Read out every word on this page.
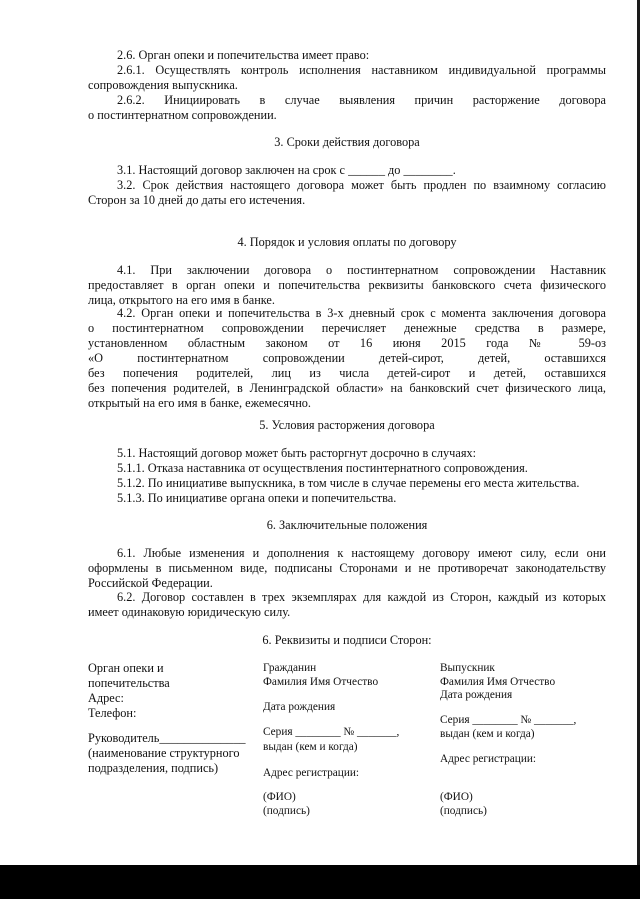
2.6. Орган опеки и попечительства имеет право:
2.6.1. Осуществлять контроль исполнения наставником индивидуальной программы
сопровождения выпускника.
2.6.2. Инициировать в случае выявления причин расторжение договора
о постинтернатном сопровождении.
3. Сроки действия договора
3.1. Настоящий договор заключен на срок с ______ до ________.
3.2. Срок действия настоящего договора может быть продлен по взаимному согласию
Сторон за 10 дней до даты его истечения.
4. Порядок и условия оплаты по договору
4.1. При заключении договора о постинтернатном сопровождении Наставник
предоставляет в орган опеки и попечительства реквизиты банковского счета физического
лица, открытого на его имя в банке.
4.2. Орган опеки и попечительства в 3-х дневный срок с момента заключения договора
о постинтернатном сопровождении перечисляет денежные средства в размере,
установленном областным законом от 16 июня 2015 года № 59-оз
«О постинтернатном сопровождении детей-сирот, детей, оставшихся
без попечения родителей, лиц из числа детей-сирот и детей, оставшихся
без попечения родителей, в Ленинградской области» на банковский счет физического лица,
открытый на его имя в банке, ежемесячно.
5. Условия расторжения договора
5.1. Настоящий договор может быть расторгнут досрочно в случаях:
5.1.1. Отказа наставника от осуществления постинтернатного сопровождения.
5.1.2. По инициативе выпускника, в том числе в случае перемены его места жительства.
5.1.3. По инициативе органа опеки и попечительства.
6. Заключительные положения
6.1. Любые изменения и дополнения к настоящему договору имеют силу, если они
оформлены в письменном виде, подписаны Сторонами и не противоречат законодательству
Российской Федерации.
6.2. Договор составлен в трех экземплярах для каждой из Сторон, каждый из которых
имеет одинаковую юридическую силу.
6. Реквизиты и подписи Сторон:
Орган опеки и
попечительства
Адрес:
Телефон:
Руководитель______________
(наименование структурного
подразделения, подпись)
Гражданин
Фамилия Имя Отчество
Дата рождения
Серия ________ № _______,
выдан (кем и когда)
Адрес регистрации:
(ФИО)
(подпись)
Выпускник
Фамилия Имя Отчество
Дата рождения
Серия ________ № _______,
выдан (кем и когда)
Адрес регистрации:
(ФИО)
(подпись)
